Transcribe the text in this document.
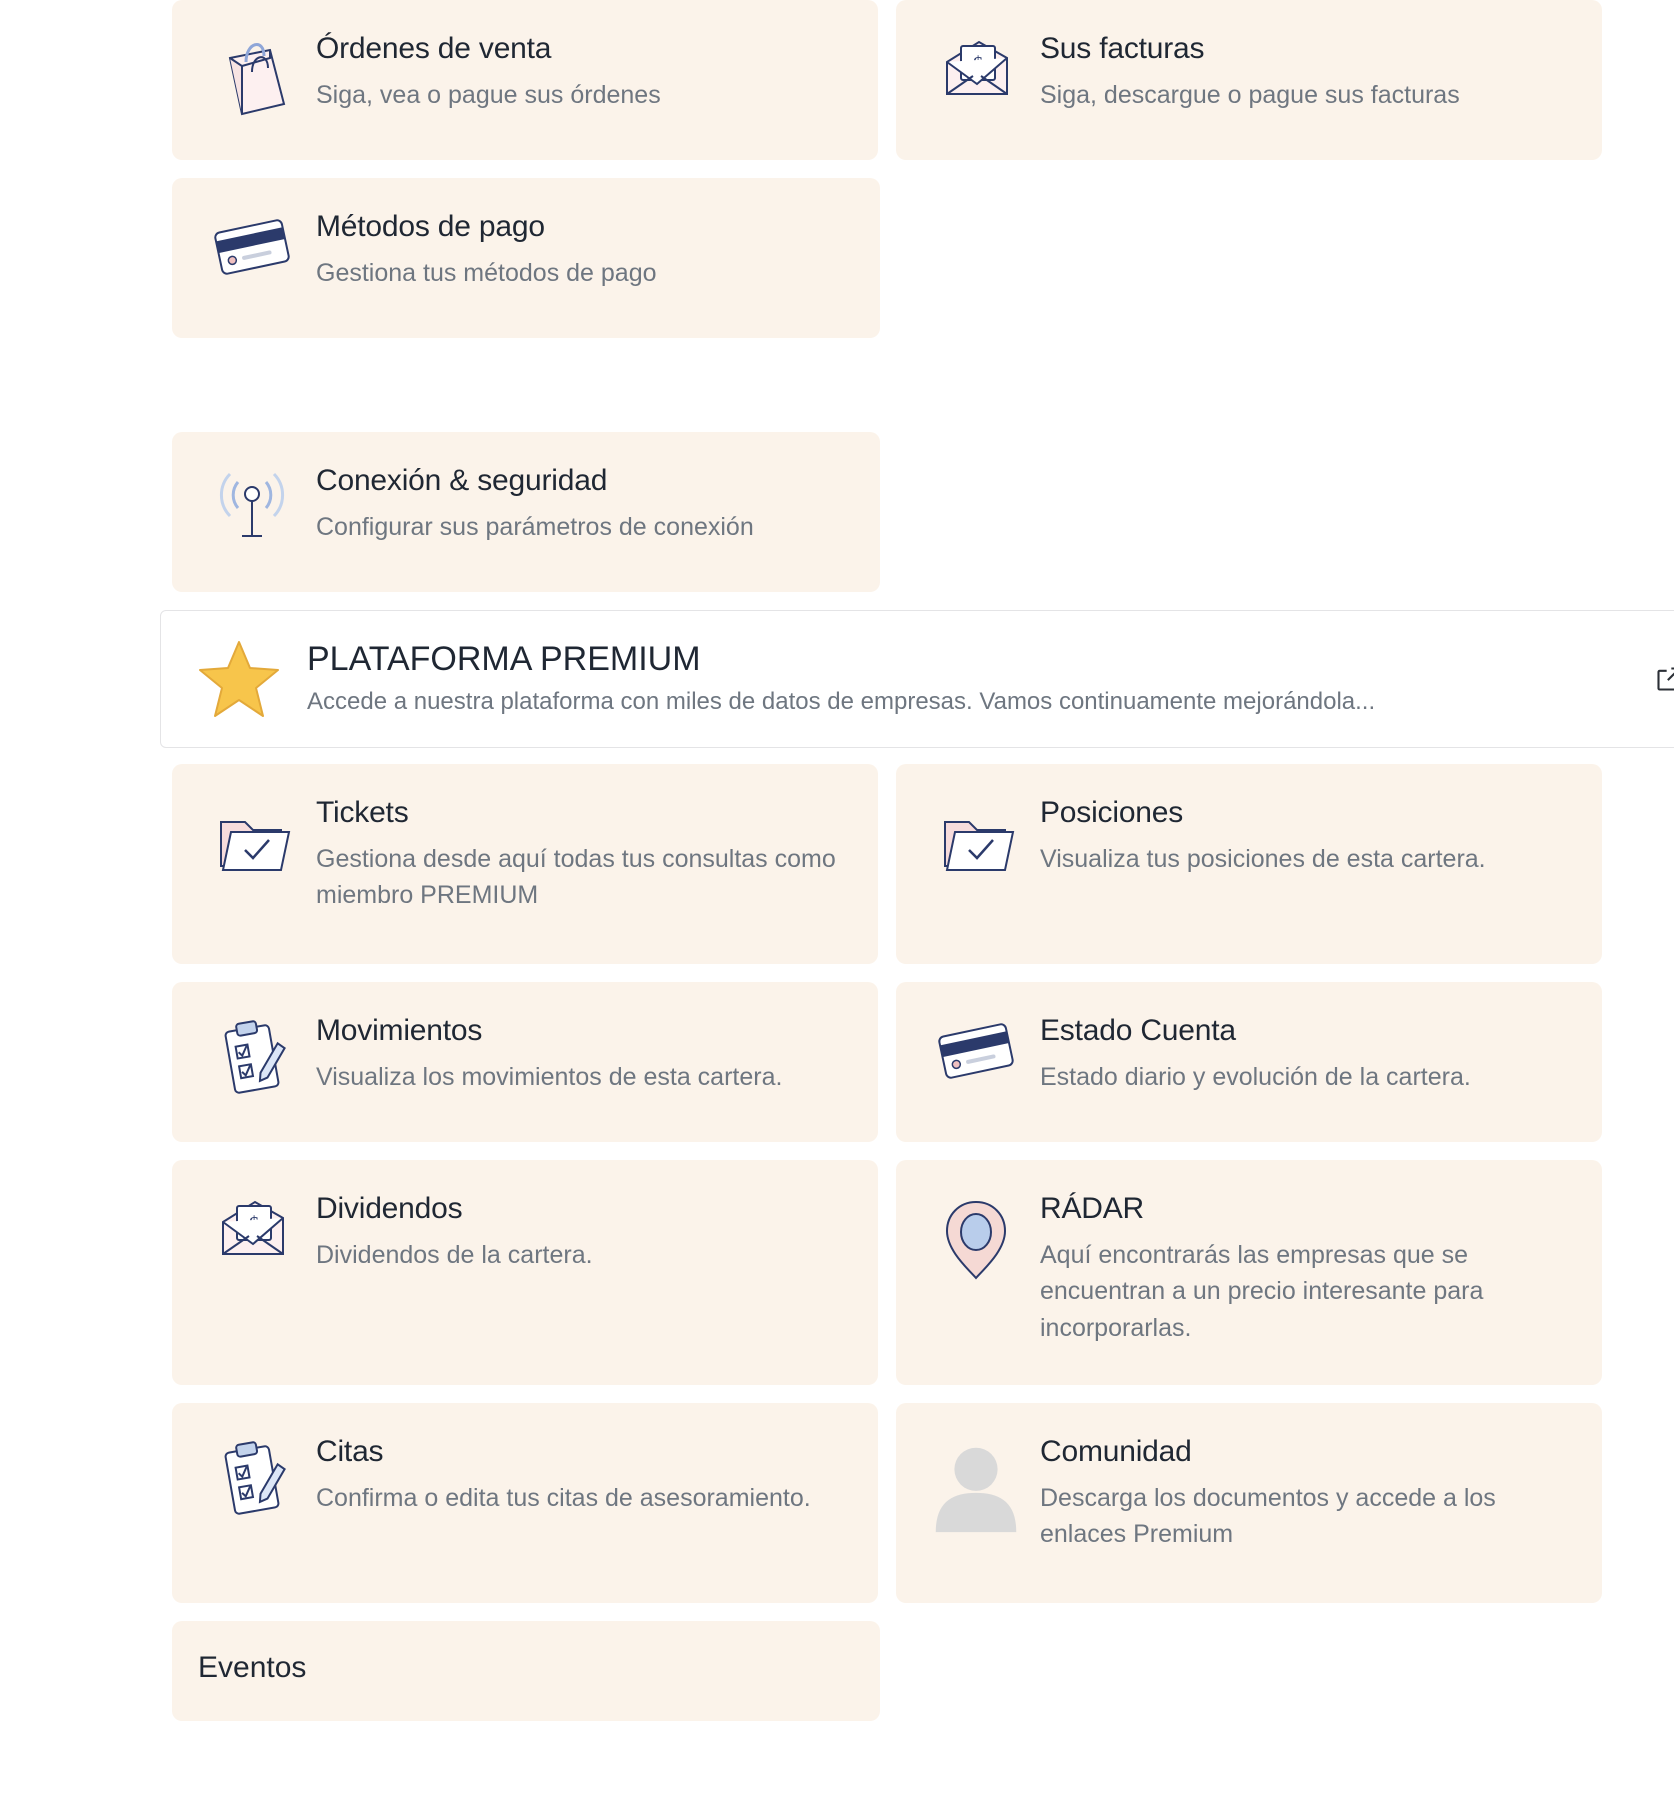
Órdenes de venta

Siga, vea o pague sus órdenes

Sus facturas

Siga, descargue o pague sus facturas

Métodos de pago

Gestiona tus métodos de pago

Conexión & seguridad

Configurar sus parámetros de conexión

PLATAFORMA PREMIUM

Accede a nuestra plataforma con miles de datos de empresas. Vamos continuamente mejorándola...

Tickets

Gestiona desde aquí todas tus consultas como miembro PREMIUM

Posiciones

Visualiza tus posiciones de esta cartera.

Movimientos

Visualiza los movimientos de esta cartera.

Estado Cuenta

Estado diario y evolución de la cartera.

Dividendos

Dividendos de la cartera.

RÁDAR

Aquí encontrarás las empresas que se encuentran a un precio interesante para incorporarlas.

Citas

Confirma o edita tus citas de asesoramiento.

Comunidad

Descarga los documentos y accede a los enlaces Premium

Eventos
